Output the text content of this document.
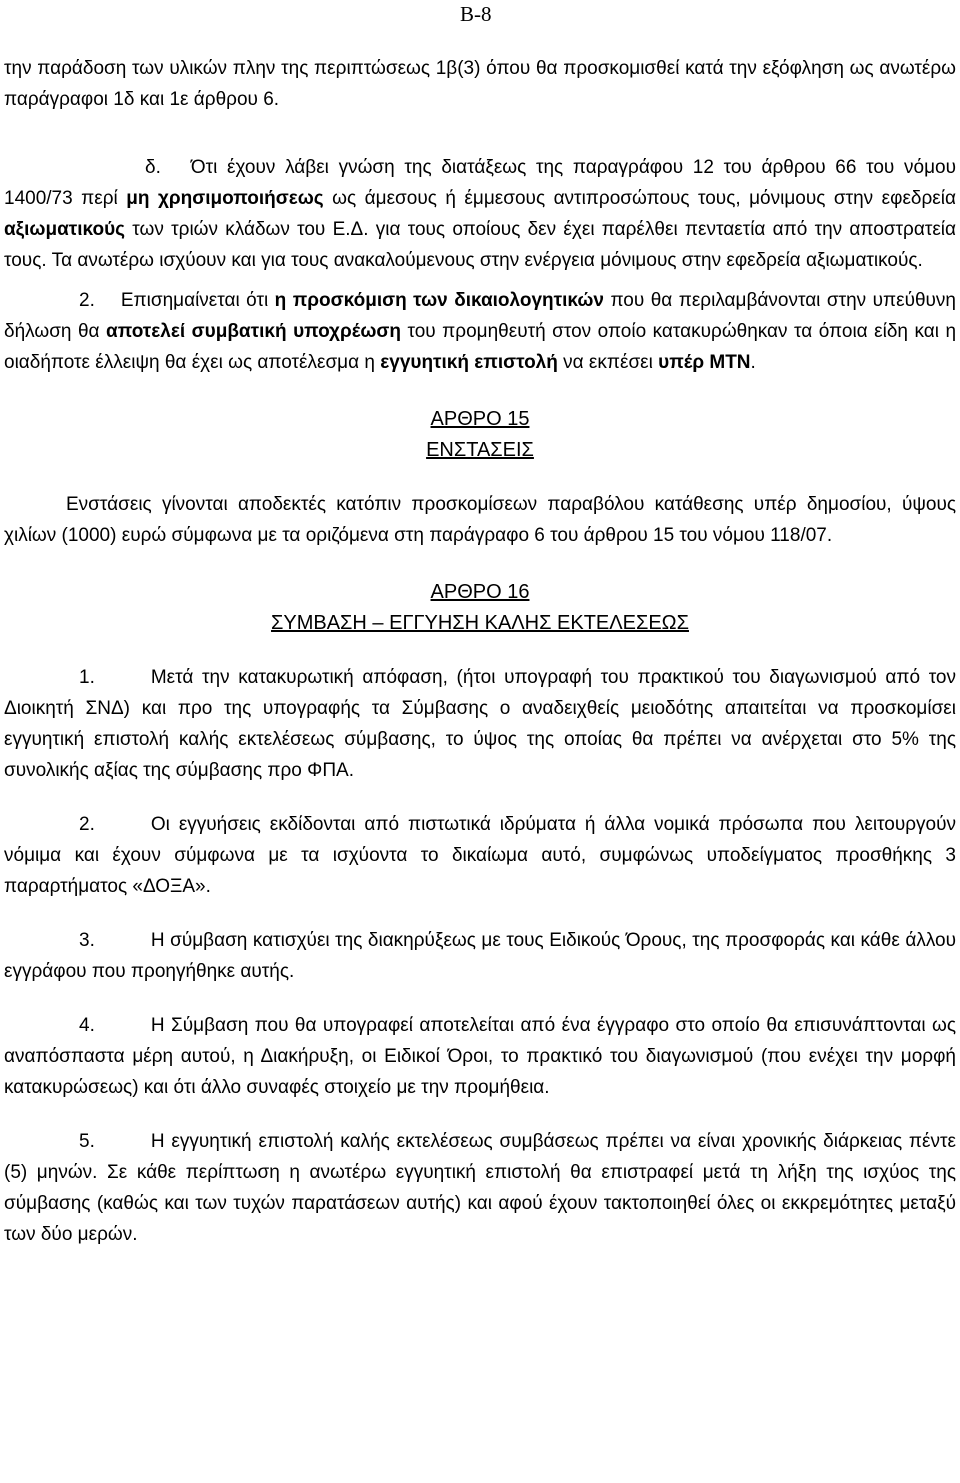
Β-8

την παράδοση των υλικών πλην της περιπτώσεως 1β(3) όπου θα προσκομισθεί κατά την εξόφληση ως ανωτέρω παράγραφοι 1δ και 1ε άρθρου 6.

δ. Ότι έχουν λάβει γνώση της διατάξεως της παραγράφου 12 του άρθρου 66 του νόμου 1400/73 περί μη χρησιμοποιήσεως ως άμεσους ή έμμεσους αντιπροσώπους τους, μόνιμους στην εφεδρεία αξιωματικούς των τριών κλάδων του Ε.Δ. για τους οποίους δεν έχει παρέλθει πενταετία από την αποστρατεία τους. Τα ανωτέρω ισχύουν και για τους ανακαλούμενους στην ενέργεια μόνιμους στην εφεδρεία αξιωματικούς.

2. Επισημαίνεται ότι η προσκόμιση των δικαιολογητικών που θα περιλαμβάνονται στην υπεύθυνη δήλωση θα αποτελεί συμβατική υποχρέωση του προμηθευτή στον οποίο κατακυρώθηκαν τα όποια είδη και η οιαδήποτε έλλειψη θα έχει ως αποτέλεσμα η εγγυητική επιστολή να εκπέσει υπέρ ΜΤΝ.

ΑΡΘΡΟ 15
ΕΝΣΤΑΣΕΙΣ

Ενστάσεις γίνονται αποδεκτές κατόπιν προσκομίσεων παραβόλου κατάθεσης υπέρ δημοσίου, ύψους χιλίων (1000) ευρώ σύμφωνα με τα οριζόμενα στη παράγραφο 6 του άρθρου 15 του νόμου 118/07.

ΑΡΘΡΟ 16
ΣΥΜΒΑΣΗ – ΕΓΓΥΗΣΗ ΚΑΛΗΣ ΕΚΤΕΛΕΣΕΩΣ

1.	Μετά την κατακυρωτική απόφαση, (ήτοι υπογραφή του πρακτικού του διαγωνισμού από τον Διοικητή ΣΝΔ) και προ της υπογραφής τα Σύμβασης ο αναδειχθείς μειοδότης απαιτείται να προσκομίσει εγγυητική επιστολή καλής εκτελέσεως σύμβασης, το ύψος της οποίας θα πρέπει να ανέρχεται στο 5% της συνολικής αξίας της σύμβασης προ ΦΠΑ.

2.	Οι εγγυήσεις εκδίδονται από πιστωτικά ιδρύματα ή άλλα νομικά πρόσωπα που λειτουργούν νόμιμα και έχουν σύμφωνα με τα ισχύοντα το δικαίωμα αυτό, συμφώνως υποδείγματος προσθήκης 3 παραρτήματος «ΔΟΞΑ».

3.	Η σύμβαση κατισχύει της διακηρύξεως με τους Ειδικούς Όρους, της προσφοράς και κάθε άλλου εγγράφου που προηγήθηκε αυτής.

4.	Η Σύμβαση που θα υπογραφεί αποτελείται από ένα έγγραφο στο οποίο θα επισυνάπτονται ως αναπόσπαστα μέρη αυτού, η Διακήρυξη, οι Ειδικοί Όροι, το πρακτικό του διαγωνισμού (που ενέχει την μορφή κατακυρώσεως) και ότι άλλο συναφές στοιχείο με την προμήθεια.

5.	Η εγγυητική επιστολή καλής εκτελέσεως συμβάσεως πρέπει να είναι χρονικής διάρκειας πέντε (5) μηνών. Σε κάθε περίπτωση η ανωτέρω εγγυητική επιστολή θα επιστραφεί μετά τη λήξη της ισχύος της σύμβασης (καθώς και των τυχών παρατάσεων αυτής) και αφού έχουν τακτοποιηθεί όλες οι εκκρεμότητες μεταξύ των δύο μερών.
